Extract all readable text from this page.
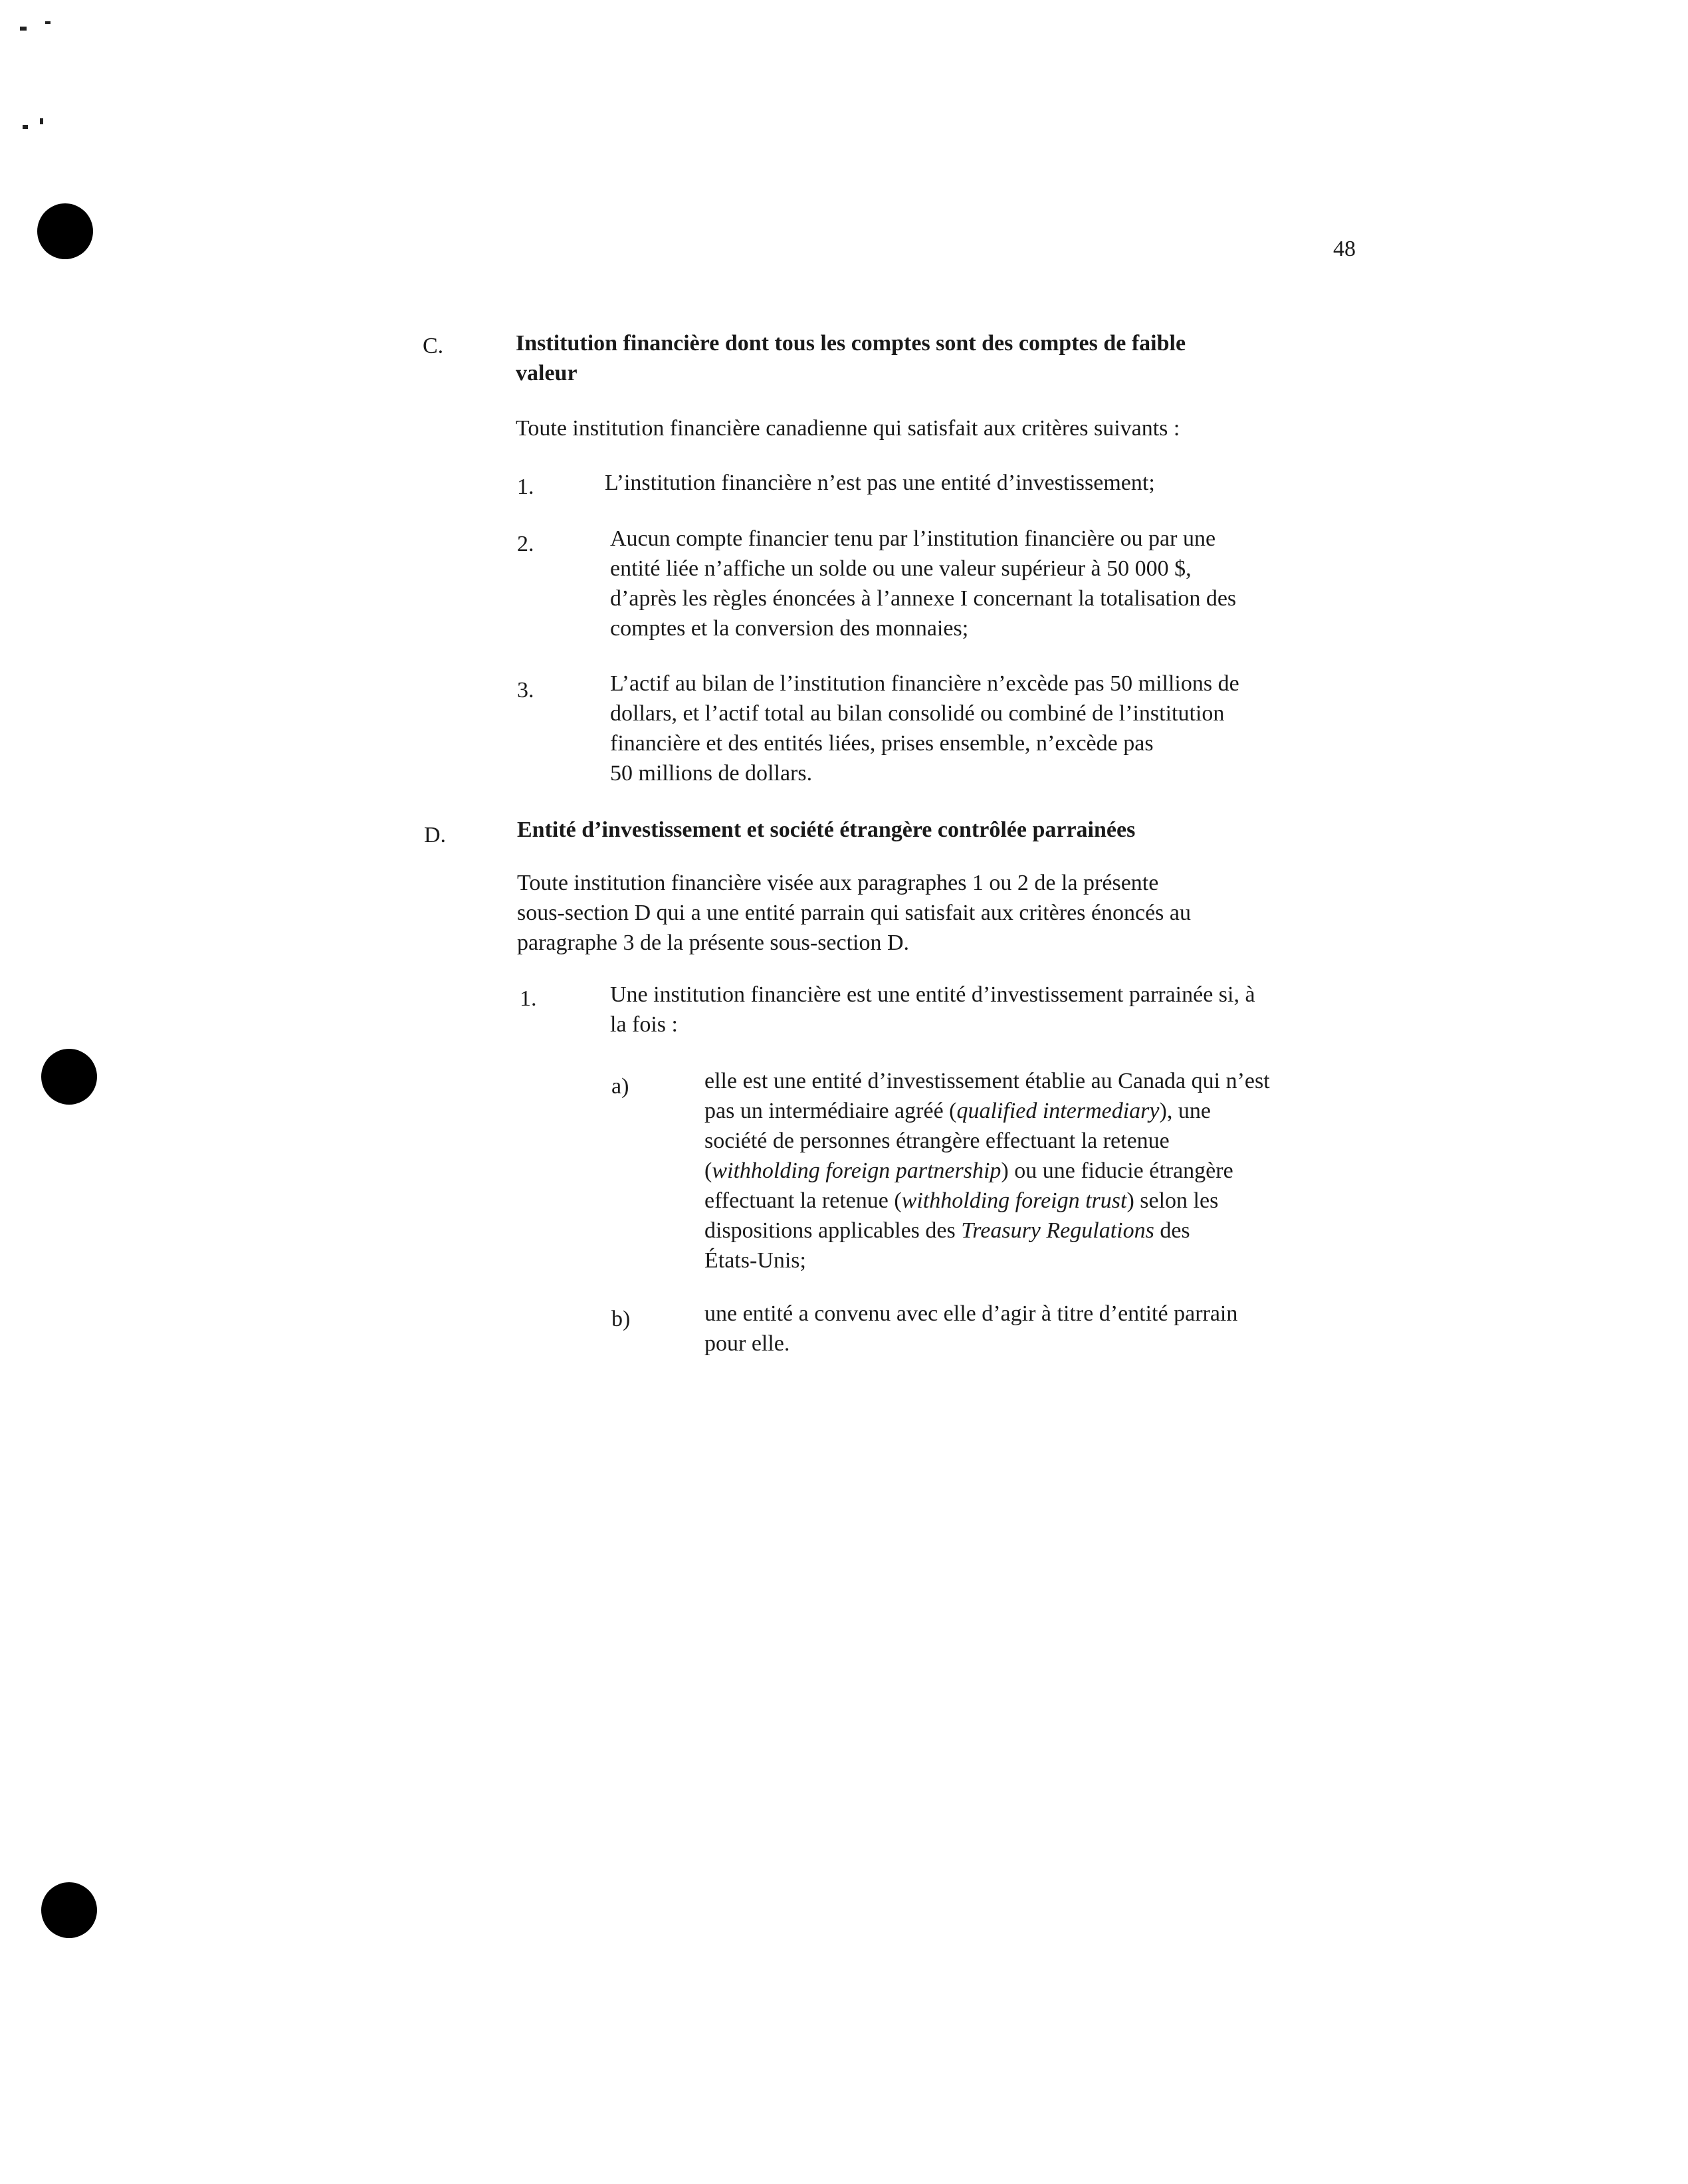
48
C.	Institution financière dont tous les comptes sont des comptes de faible
valeur
Toute institution financière canadienne qui satisfait aux critères suivants :
1.	L’institution financière n’est pas une entité d’investissement;
2.	Aucun compte financier tenu par l’institution financière ou par une
entité liée n’affiche un solde ou une valeur supérieur à 50 000 $,
d’après les règles énoncées à l’annexe I concernant la totalisation des
comptes et la conversion des monnaies;
3.	L’actif au bilan de l’institution financière n’excède pas 50 millions de
dollars, et l’actif total au bilan consolidé ou combiné de l’institution
financière et des entités liées, prises ensemble, n’excède pas
50 millions de dollars.
D.	Entité d’investissement et société étrangère contrôlée parrainées
Toute institution financière visée aux paragraphes 1 ou 2 de la présente
sous-section D qui a une entité parrain qui satisfait aux critères énoncés au
paragraphe 3 de la présente sous-section D.
1.	Une institution financière est une entité d’investissement parrainée si, à
la fois :
a)	elle est une entité d’investissement établie au Canada qui n’est
pas un intermédiaire agréé (qualified intermediary), une
société de personnes étrangère effectuant la retenue
(withholding foreign partnership) ou une fiducie étrangère
effectuant la retenue (withholding foreign trust) selon les
dispositions applicables des Treasury Regulations des
États-Unis;
b)	une entité a convenu avec elle d’agir à titre d’entité parrain
pour elle.
